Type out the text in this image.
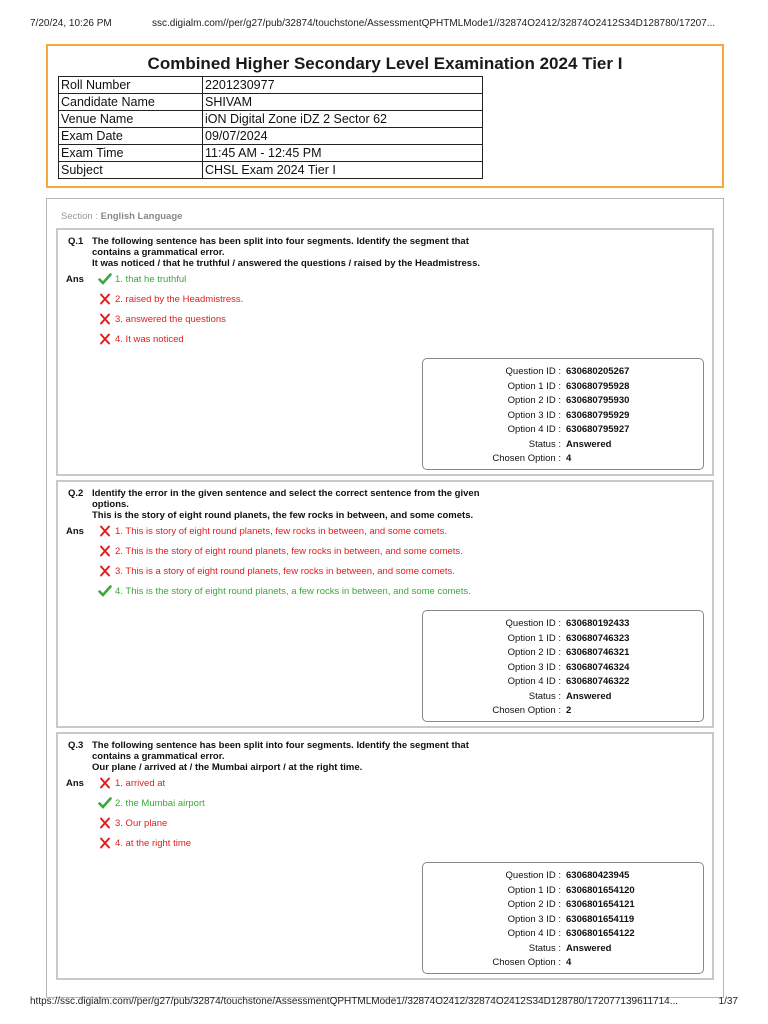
7/20/24, 10:26 PM	ssc.digialm.com//per/g27/pub/32874/touchstone/AssessmentQPHTMLMode1//32874O2412/32874O2412S34D128780/17207...
Combined Higher Secondary Level Examination 2024 Tier I
Roll Number	2201230977
Candidate Name	SHIVAM
Venue Name	iON Digital Zone iDZ 2 Sector 62
Exam Date	09/07/2024
Exam Time	11:45 AM - 12:45 PM
Subject	CHSL Exam 2024 Tier I
Section : English Language
Q.1 The following sentence has been split into four segments. Identify the segment that
contains a grammatical error.
It was noticed / that he truthful / answered the questions / raised by the Headmistress.
Ans	1. that he truthful
2. raised by the Headmistress.
3. answered the questions
4. It was noticed
Question ID : 630680205267
Option 1 ID : 630680795928
Option 2 ID : 630680795930
Option 3 ID : 630680795929
Option 4 ID : 630680795927
Status : Answered
Chosen Option : 4
Q.2 Identify the error in the given sentence and select the correct sentence from the given
options.
This is the story of eight round planets, the few rocks in between, and some comets.
Ans	1. This is story of eight round planets, few rocks in between, and some comets.
2. This is the story of eight round planets, few rocks in between, and some comets.
3. This is a story of eight round planets, few rocks in between, and some comets.
4. This is the story of eight round planets, a few rocks in between, and some comets.
Question ID : 630680192433
Option 1 ID : 630680746323
Option 2 ID : 630680746321
Option 3 ID : 630680746324
Option 4 ID : 630680746322
Status : Answered
Chosen Option : 2
Q.3 The following sentence has been split into four segments. Identify the segment that
contains a grammatical error.
Our plane / arrived at / the Mumbai airport / at the right time.
Ans	1. arrived at
2. the Mumbai airport
3. Our plane
4. at the right time
Question ID : 630680423945
Option 1 ID : 6306801654120
Option 2 ID : 6306801654121
Option 3 ID : 6306801654119
Option 4 ID : 6306801654122
Status : Answered
Chosen Option : 4
https://ssc.digialm.com//per/g27/pub/32874/touchstone/AssessmentQPHTMLMode1//32874O2412/32874O2412S34D128780/172077139611714...	1/37
